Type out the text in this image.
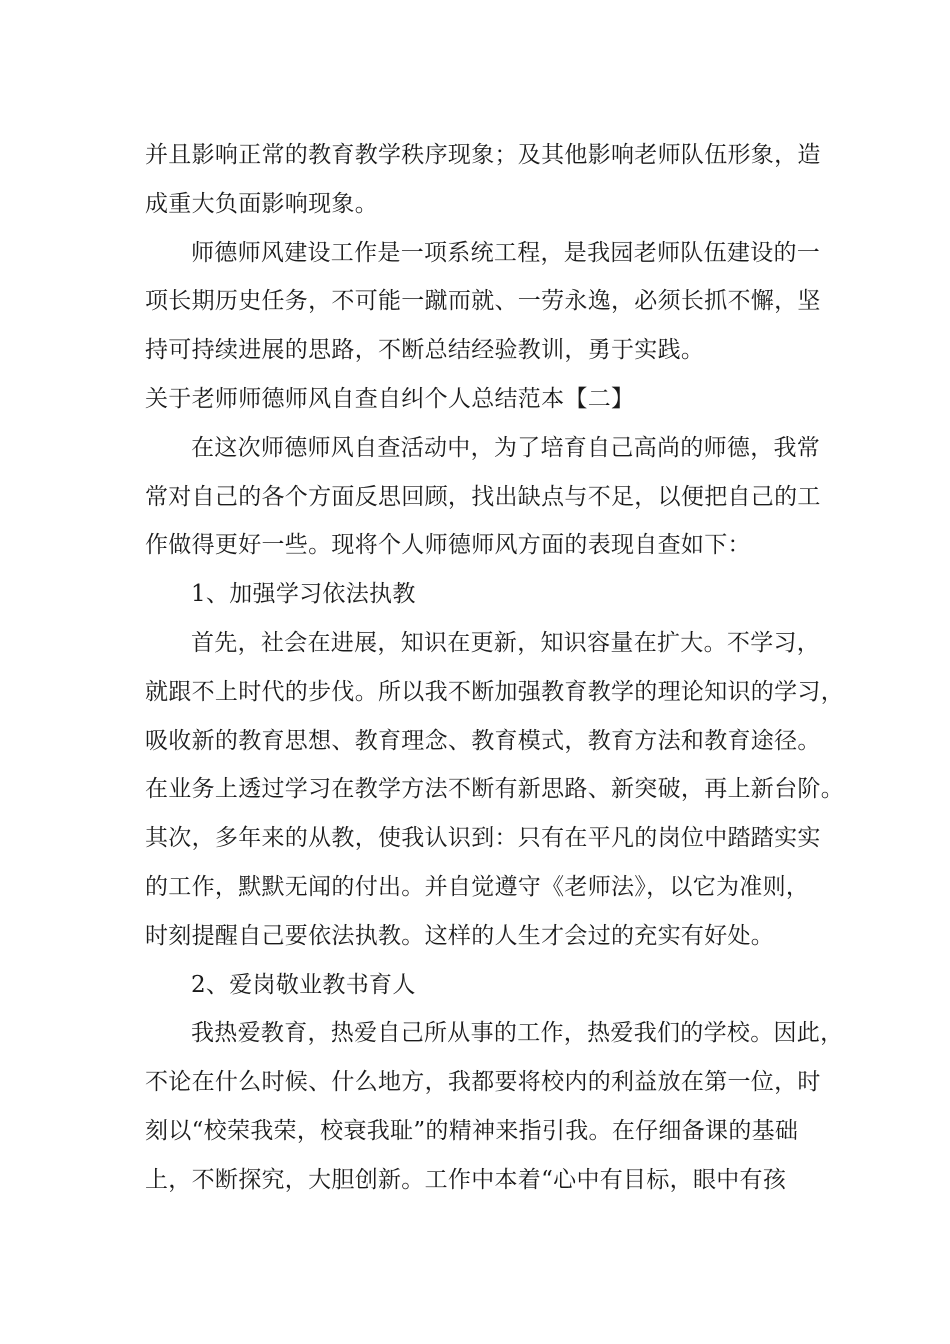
并且影响正常的教育教学秩序现象；及其他影响老师队伍形象，造
成重大负面影响现象。
师德师风建设工作是一项系统工程，是我园老师队伍建设的一
项长期历史任务，不可能一蹴而就、一劳永逸，必须长抓不懈，坚
持可持续进展的思路，不断总结经验教训，勇于实践。
关于老师师德师风自查自纠个人总结范本【二】
在这次师德师风自查活动中，为了培育自己高尚的师德，我常
常对自己的各个方面反思回顾，找出缺点与不足，以便把自己的工
作做得更好一些。现将个人师德师风方面的表现自查如下：
1、加强学习依法执教
首先，社会在进展，知识在更新，知识容量在扩大。不学习，
就跟不上时代的步伐。所以我不断加强教育教学的理论知识的学习，
吸收新的教育思想、教育理念、教育模式，教育方法和教育途径。
在业务上透过学习在教学方法不断有新思路、新突破，再上新台阶。
其次，多年来的从教，使我认识到：只有在平凡的岗位中踏踏实实
的工作，默默无闻的付出。并自觉遵守《老师法》，以它为准则，
时刻提醒自己要依法执教。这样的人生才会过的充实有好处。
2、爱岗敬业教书育人
我热爱教育，热爱自己所从事的工作，热爱我们的学校。因此，
不论在什么时候、什么地方，我都要将校内的利益放在第一位，时
刻以“校荣我荣，校衰我耻”的精神来指引我。在仔细备课的基础
上，不断探究，大胆创新。工作中本着“心中有目标，眼中有孩
